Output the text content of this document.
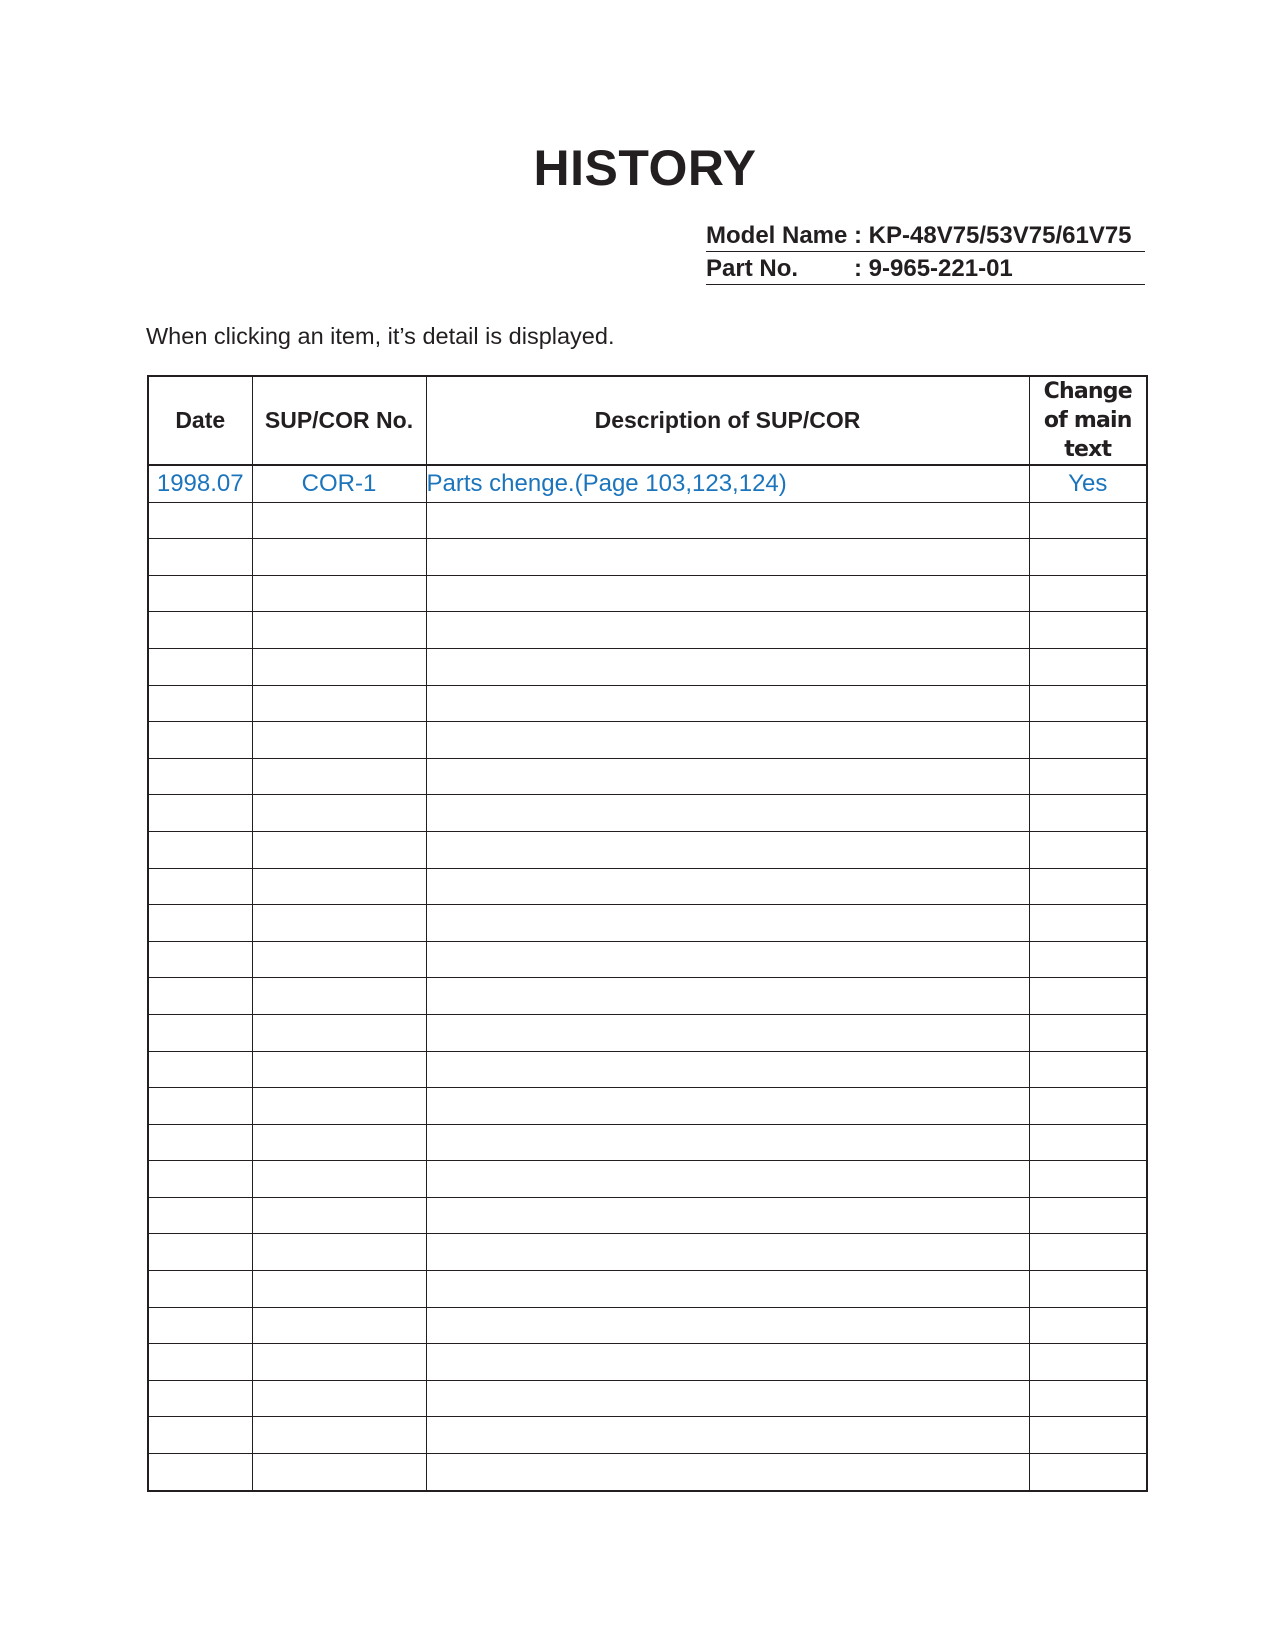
HISTORY
Model Name : KP-48V75/53V75/61V75
Part No. : 9-965-221-01
When clicking an item, it’s detail is displayed.
Date	SUP/COR No.	Description of SUP/COR	Change of main text
1998.07	COR-1	Parts chenge.(Page 103,123,124)	Yes
